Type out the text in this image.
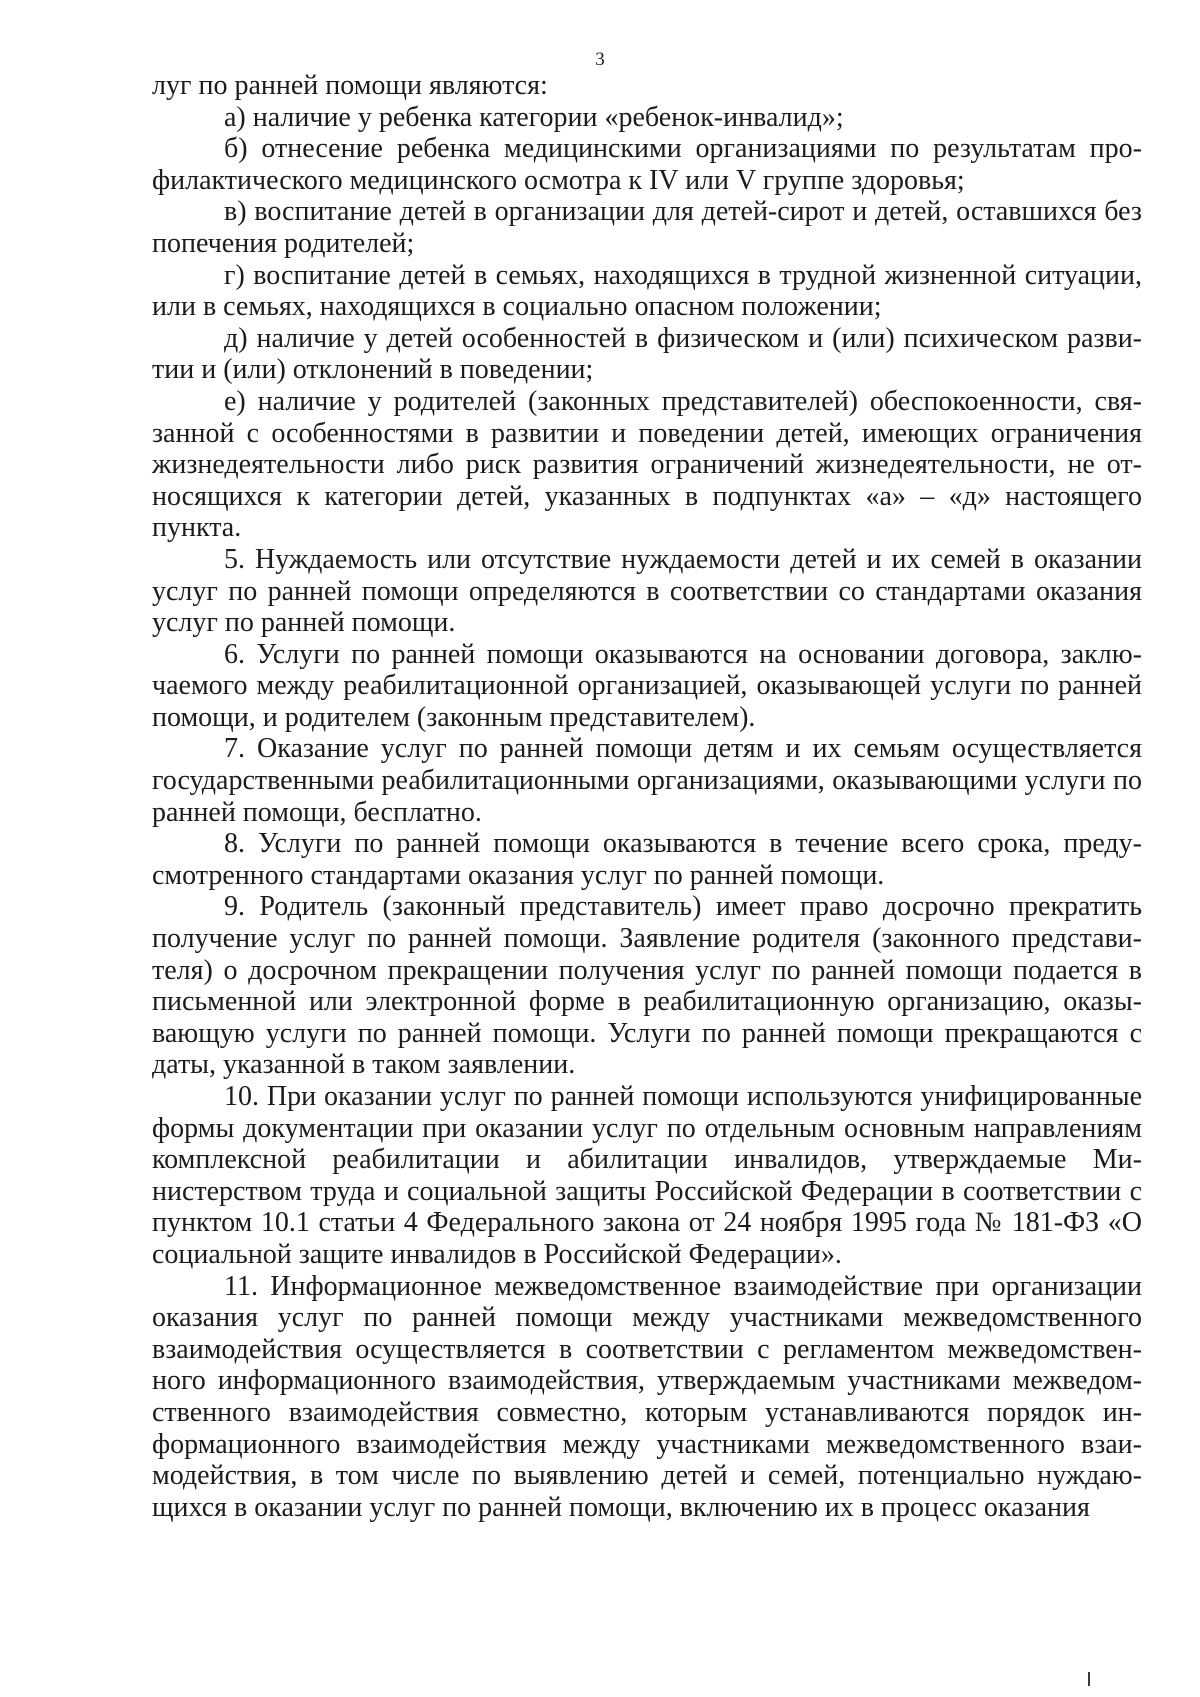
3

луг по ранней помощи являются:

а) наличие у ребенка категории «ребенок-инвалид»;

б) отнесение ребенка медицинскими организациями по результатам профилактического медицинского осмотра к IV или V группе здоровья;

в) воспитание детей в организации для детей-сирот и детей, оставшихся без попечения родителей;

г) воспитание детей в семьях, находящихся в трудной жизненной ситуации, или в семьях, находящихся в социально опасном положении;

д) наличие у детей особенностей в физическом и (или) психическом развитии и (или) отклонений в поведении;

е) наличие у родителей (законных представителей) обеспокоенности, связанной с особенностями в развитии и поведении детей, имеющих ограничения жизнедеятельности либо риск развития ограничений жизнедеятельности, не относящихся к категории детей, указанных в подпунктах «а» – «д» настоящего пункта.

5. Нуждаемость или отсутствие нуждаемости детей и их семей в оказании услуг по ранней помощи определяются в соответствии со стандартами оказания услуг по ранней помощи.

6. Услуги по ранней помощи оказываются на основании договора, заключаемого между реабилитационной организацией, оказывающей услуги по ранней помощи, и родителем (законным представителем).

7. Оказание услуг по ранней помощи детям и их семьям осуществляется государственными реабилитационными организациями, оказывающими услуги по ранней помощи, бесплатно.

8. Услуги по ранней помощи оказываются в течение всего срока, предусмотренного стандартами оказания услуг по ранней помощи.

9. Родитель (законный представитель) имеет право досрочно прекратить получение услуг по ранней помощи. Заявление родителя (законного представителя) о досрочном прекращении получения услуг по ранней помощи подается в письменной или электронной форме в реабилитационную организацию, оказывающую услуги по ранней помощи. Услуги по ранней помощи прекращаются с даты, указанной в таком заявлении.

10. При оказании услуг по ранней помощи используются унифицированные формы документации при оказании услуг по отдельным основным направлениям комплексной реабилитации и абилитации инвалидов, утверждаемые Министерством труда и социальной защиты Российской Федерации в соответствии с пунктом 10.1 статьи 4 Федерального закона от 24 ноября 1995 года № 181-ФЗ «О социальной защите инвалидов в Российской Федерации».

11. Информационное межведомственное взаимодействие при организации оказания услуг по ранней помощи между участниками межведомственного взаимодействия осуществляется в соответствии с регламентом межведомственного информационного взаимодействия, утверждаемым участниками межведомственного взаимодействия совместно, которым устанавливаются порядок информационного взаимодействия между участниками межведомственного взаимодействия, в том числе по выявлению детей и семей, потенциально нуждающихся в оказании услуг по ранней помощи, включению их в процесс оказания
